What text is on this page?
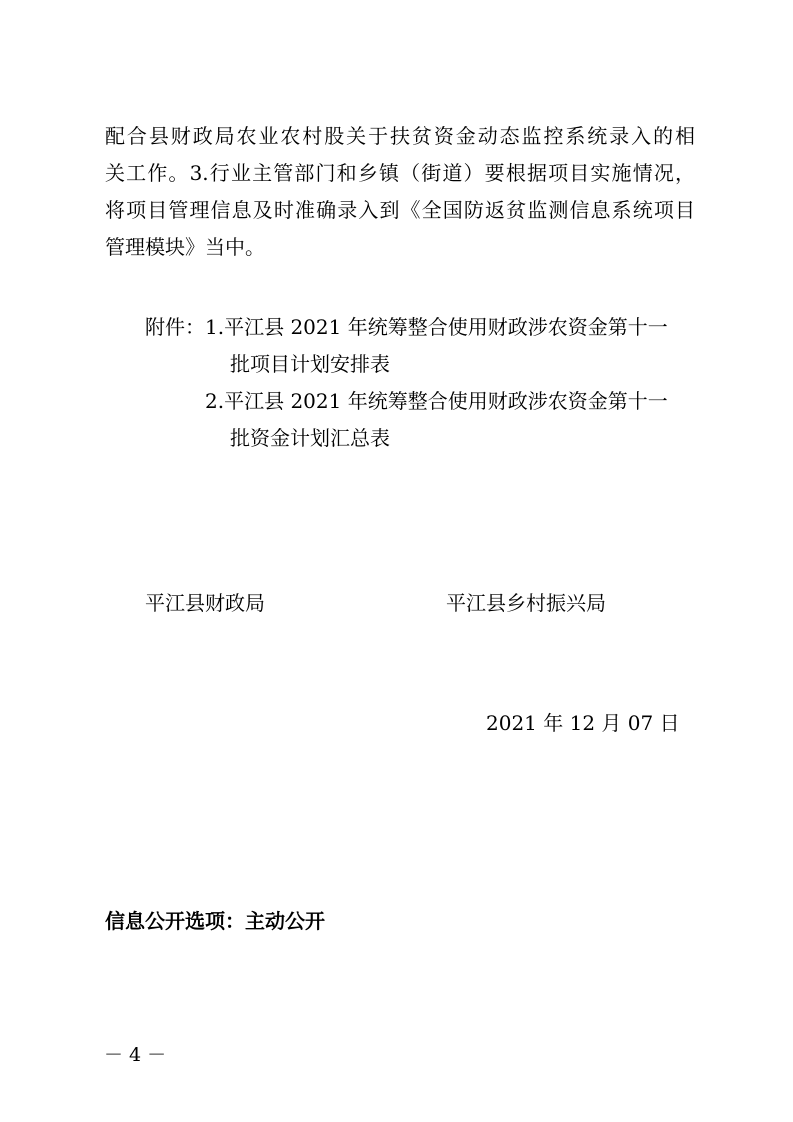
配合县财政局农业农村股关于扶贫资金动态监控系统录入的相
关工作。3.行业主管部门和乡镇（街道）要根据项目实施情况，
将项目管理信息及时准确录入到《全国防返贫监测信息系统项目
管理模块》当中。
附件： 1.平江县 2021 年统筹整合使用财政涉农资金第十一
批项目计划安排表
2.平江县 2021 年统筹整合使用财政涉农资金第十一
批资金计划汇总表
平江县财政局	平江县乡村振兴局
2021 年 12 月 07 日
信息公开选项：主动公开
－ 4 －
